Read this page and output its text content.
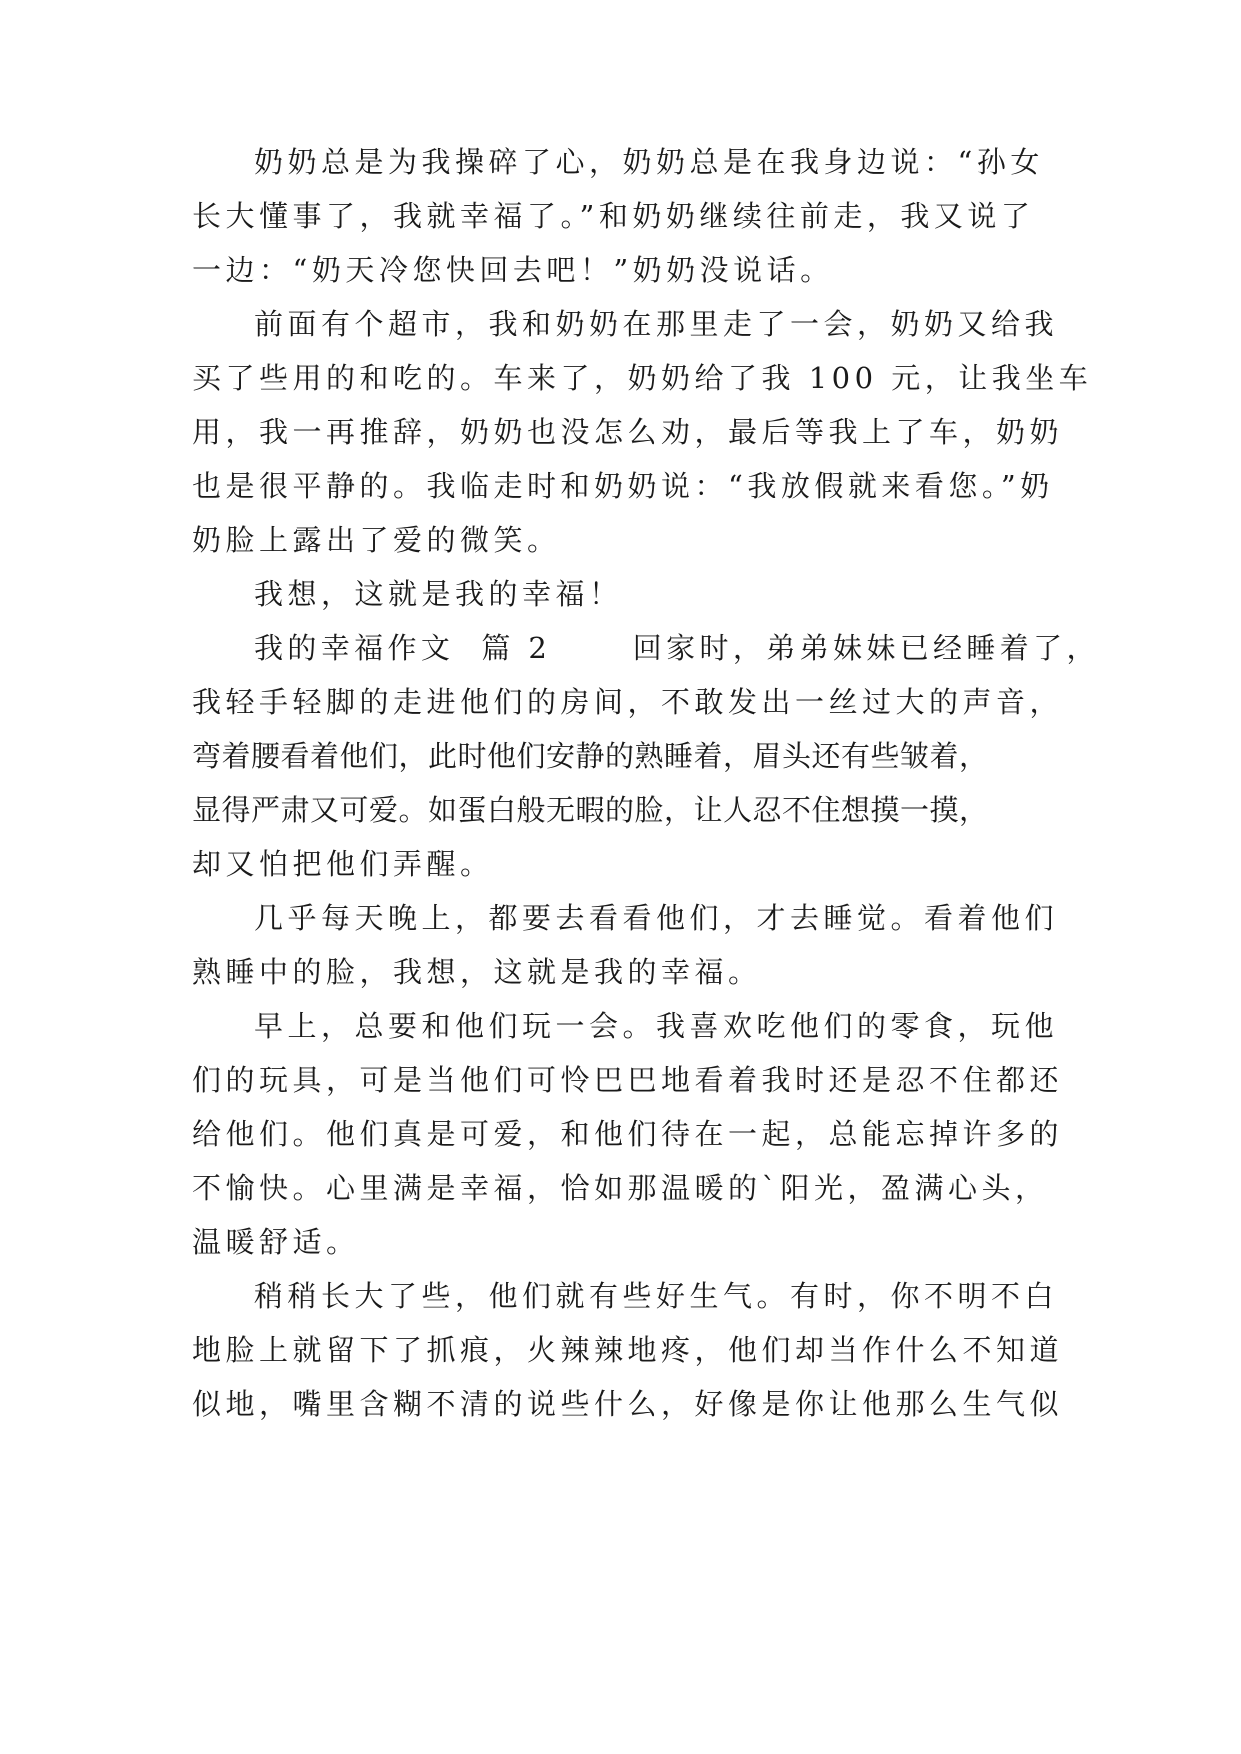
奶奶总是为我操碎了心，奶奶总是在我身边说：“孙女
长大懂事了，我就幸福了。”和奶奶继续往前走，我又说了
一边：“奶天冷您快回去吧！”奶奶没说话。
前面有个超市，我和奶奶在那里走了一会，奶奶又给我
买了些用的和吃的。车来了，奶奶给了我 100 元，让我坐车
用，我一再推辞，奶奶也没怎么劝，最后等我上了车，奶奶
也是很平静的。我临走时和奶奶说：“我放假就来看您。”奶
奶脸上露出了爱的微笑。
我想，这就是我的幸福！
我的幸福作文  篇 2      回家时，弟弟妹妹已经睡着了，
我轻手轻脚的走进他们的房间，不敢发出一丝过大的声音，
弯着腰看着他们，此时他们安静的熟睡着，眉头还有些皱着，
显得严肃又可爱。如蛋白般无暇的脸，让人忍不住想摸一摸，
却又怕把他们弄醒。
几乎每天晚上，都要去看看他们，才去睡觉。看着他们
熟睡中的脸，我想，这就是我的幸福。
早上，总要和他们玩一会。我喜欢吃他们的零食，玩他
们的玩具，可是当他们可怜巴巴地看着我时还是忍不住都还
给他们。他们真是可爱，和他们待在一起，总能忘掉许多的
不愉快。心里满是幸福，恰如那温暖的`阳光，盈满心头，
温暖舒适。
稍稍长大了些，他们就有些好生气。有时，你不明不白
地脸上就留下了抓痕，火辣辣地疼，他们却当作什么不知道
似地，嘴里含糊不清的说些什么，好像是你让他那么生气似
